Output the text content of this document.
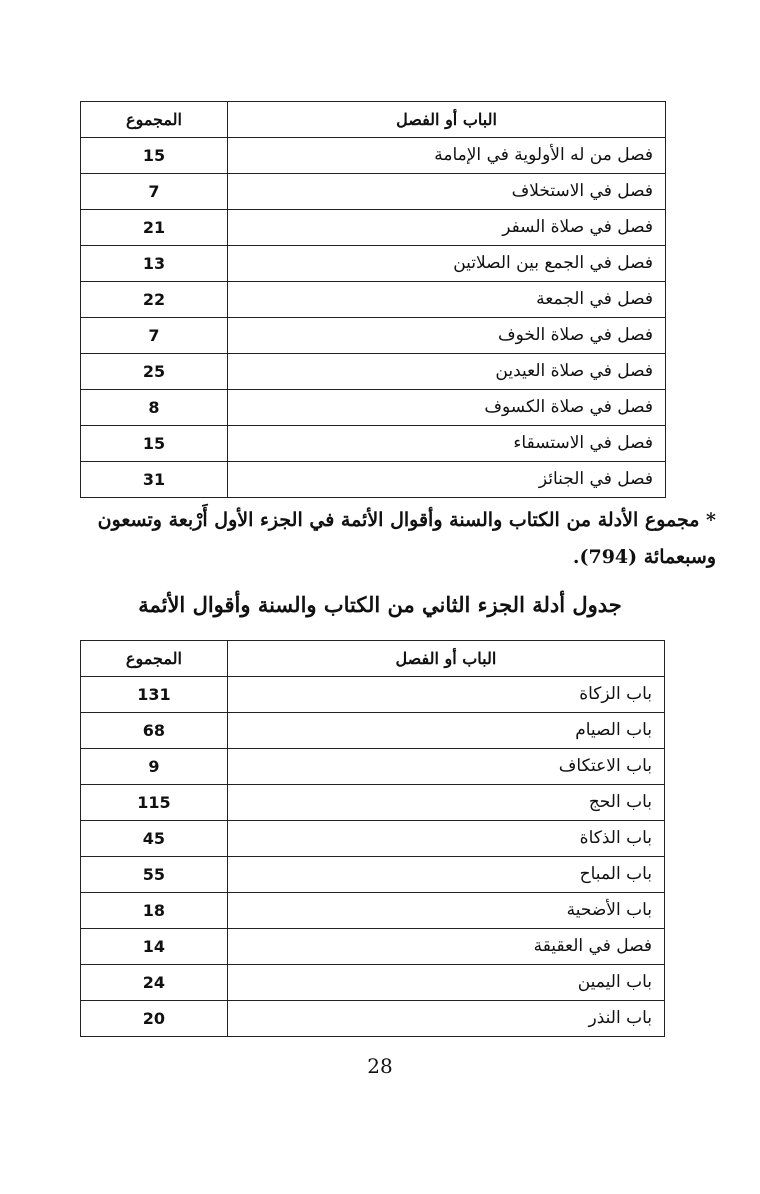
الباب أو الفصل	المجموع
فصل من له الأولوية في الإمامة	15
فصل في الاستخلاف	7
فصل في صلاة السفر	21
فصل في الجمع بين الصلاتين	13
فصل في الجمعة	22
فصل في صلاة الخوف	7
فصل في صلاة العيدين	25
فصل في صلاة الكسوف	8
فصل في الاستسقاء	15
فصل في الجنائز	31
* مجموع الأدلة من الكتاب والسنة وأقوال الأئمة في الجزء الأول أَرْبعة وتسعون وسبعمائة (794).
جدول أدلة الجزء الثاني من الكتاب والسنة وأقوال الأئمة
الباب أو الفصل	المجموع
باب الزكاة	131
باب الصيام	68
باب الاعتكاف	9
باب الحج	115
باب الذكاة	45
باب المباح	55
باب الأضحية	18
فصل في العقيقة	14
باب اليمين	24
باب النذر	20
28
